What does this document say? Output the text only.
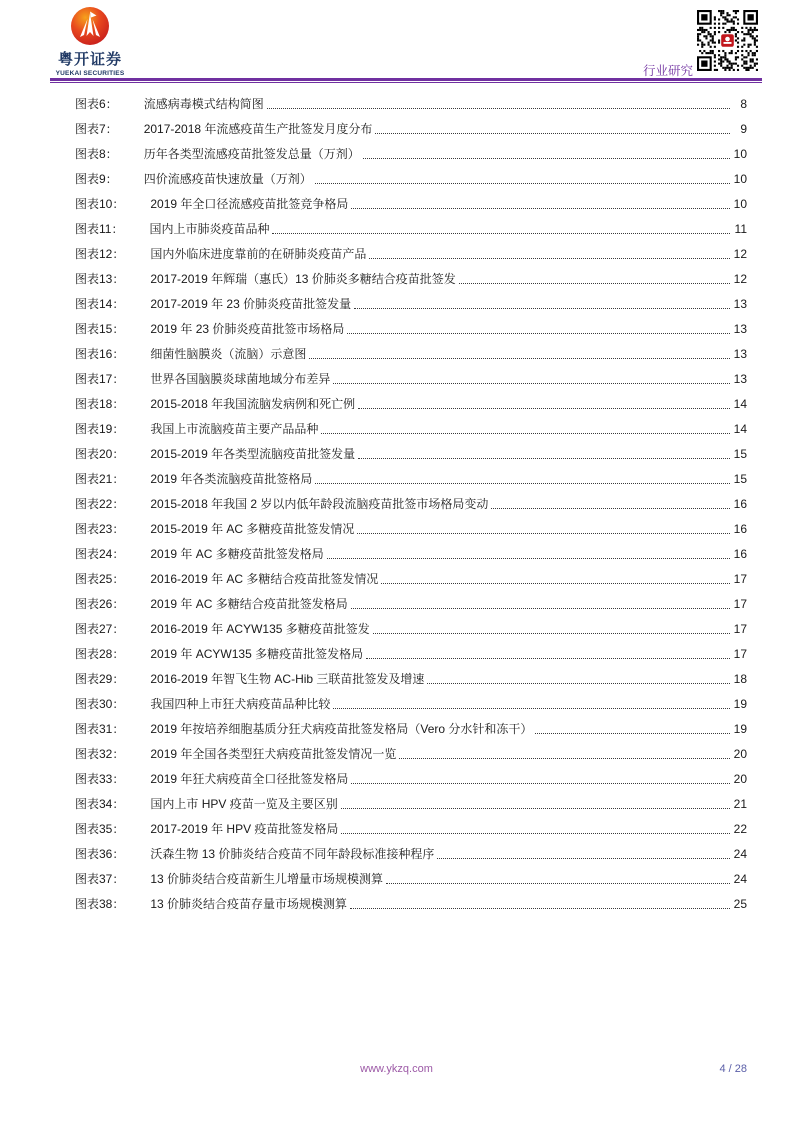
粤开证券
YUEKAI SECURITIES	行业研究
图表6： 流感病毒模式结构简图	8
图表7： 2017-2018 年流感疫苗生产批签发月度分布	9
图表8： 历年各类型流感疫苗批签发总量（万剂）	10
图表9： 四价流感疫苗快速放量（万剂）	10
图表10： 2019 年全口径流感疫苗批签竞争格局	10
图表11： 国内上市肺炎疫苗品种	11
图表12： 国内外临床进度靠前的在研肺炎疫苗产品	12
图表13： 2017-2019 年辉瑞（惠氏）13 价肺炎多糖结合疫苗批签发	12
图表14： 2017-2019 年 23 价肺炎疫苗批签发量	13
图表15： 2019 年 23 价肺炎疫苗批签市场格局	13
图表16： 细菌性脑膜炎（流脑）示意图	13
图表17： 世界各国脑膜炎球菌地域分布差异	13
图表18： 2015-2018 年我国流脑发病例和死亡例	14
图表19： 我国上市流脑疫苗主要产品品种	14
图表20： 2015-2019 年各类型流脑疫苗批签发量	15
图表21： 2019 年各类流脑疫苗批签格局	15
图表22： 2015-2018 年我国 2 岁以内低年龄段流脑疫苗批签市场格局变动	16
图表23： 2015-2019 年 AC 多糖疫苗批签发情况	16
图表24： 2019 年 AC 多糖疫苗批签发格局	16
图表25： 2016-2019 年 AC 多糖结合疫苗批签发情况	17
图表26： 2019 年 AC 多糖结合疫苗批签发格局	17
图表27： 2016-2019 年 ACYW135 多糖疫苗批签发	17
图表28： 2019 年 ACYW135 多糖疫苗批签发格局	17
图表29： 2016-2019 年智飞生物 AC-Hib 三联苗批签发及增速	18
图表30： 我国四种上市狂犬病疫苗品种比较	19
图表31： 2019 年按培养细胞基质分狂犬病疫苗批签发格局（Vero 分水针和冻干）	19
图表32： 2019 年全国各类型狂犬病疫苗批签发情况一览	20
图表33： 2019 年狂犬病疫苗全口径批签发格局	20
图表34： 国内上市 HPV 疫苗一览及主要区别	21
图表35： 2017-2019 年 HPV 疫苗批签发格局	22
图表36： 沃森生物 13 价肺炎结合疫苗不同年龄段标准接种程序	24
图表37： 13 价肺炎结合疫苗新生儿增量市场规模测算	24
图表38： 13 价肺炎结合疫苗存量市场规模测算	25
www.ykzq.com	4 / 28
